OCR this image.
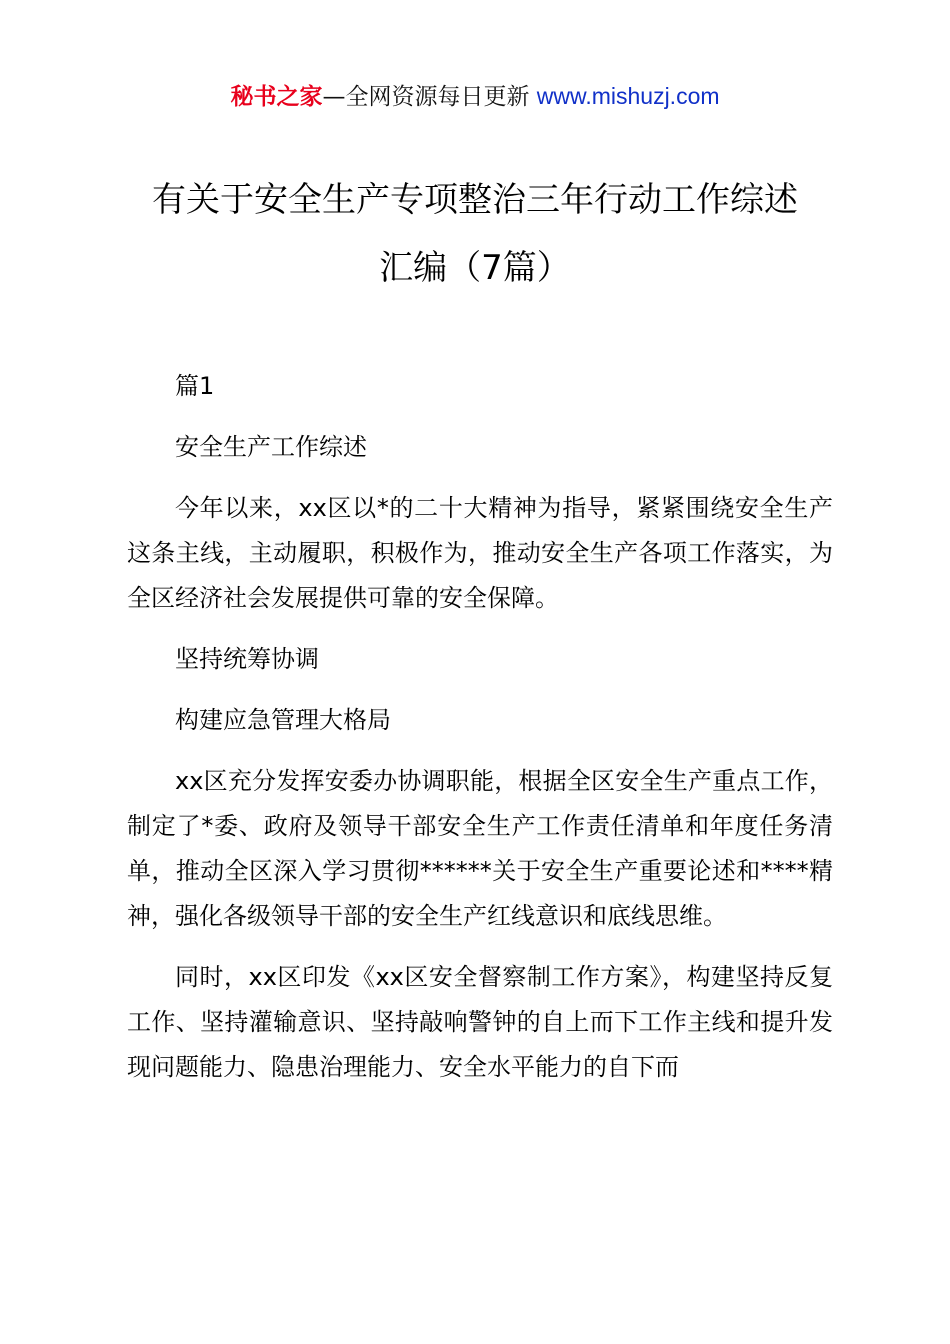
秘书之家—全网资源每日更新 www.mishuzj.com
有关于安全生产专项整治三年行动工作综述
汇编（7篇）

篇1

安全生产工作综述

今年以来，xx区以*的二十大精神为指导，紧紧围绕安全生产这条主线，主动履职，积极作为，推动安全生产各项工作落实，为全区经济社会发展提供可靠的安全保障。

坚持统筹协调

构建应急管理大格局

xx区充分发挥安委办协调职能，根据全区安全生产重点工作，制定了*委、政府及领导干部安全生产工作责任清单和年度任务清单，推动全区深入学习贯彻******关于安全生产重要论述和****精神，强化各级领导干部的安全生产红线意识和底线思维。

同时，xx区印发《xx区安全督察制工作方案》，构建坚持反复工作、坚持灌输意识、坚持敲响警钟的自上而下工作主线和提升发现问题能力、隐患治理能力、安全水平能力的自下而
